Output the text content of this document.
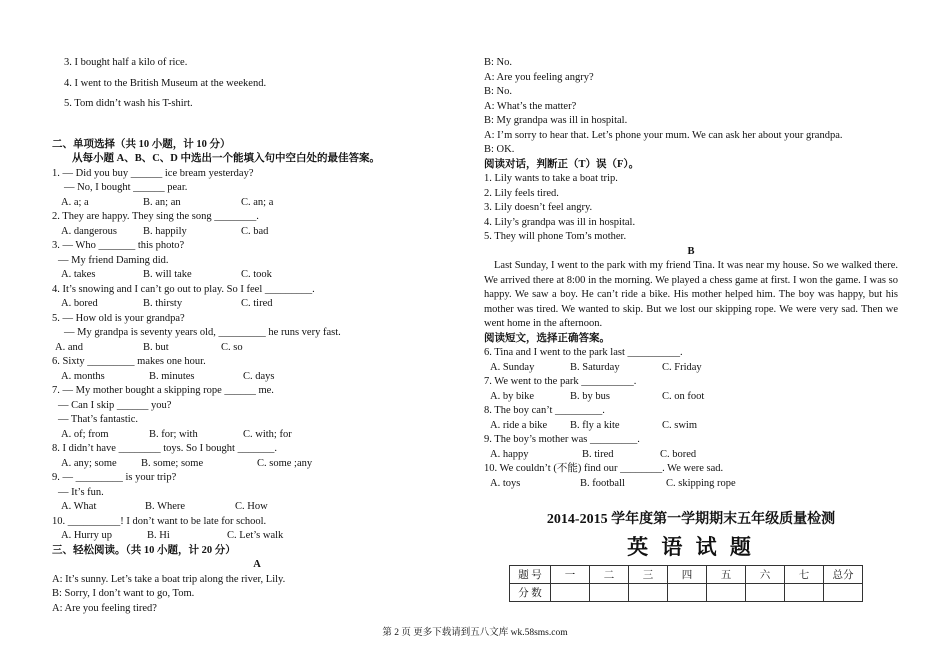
3. I bought half a kilo of rice.
4. I went to the British Museum at the weekend.
5. Tom didn’t wash his T-shirt.
二、单项选择（共 10 小题，计 10 分）
从每小题 A、B、C、D 中选出一个能填入句中空白处的最佳答案。
1. — Did you buy ______ ice bream yesterday?
— No, I bought ______ pear.
A. a; a	B. an; an	C. an; a
2. They are happy. They sing the song ________.
A. dangerous	B. happily	C. bad
3. — Who _______ this photo?
— My friend Daming did.
A. takes	B. will take	C. took
4. It’s snowing and I can’t go out to play. So I feel _________.
A. bored	B. thirsty	C. tired
5. — How old is your grandpa?
— My grandpa is seventy years old, _________ he runs very fast.
A. and	B. but	C. so
6. Sixty _________ makes one hour.
A. months	B. minutes	C. days
7. — My mother bought a skipping rope ______ me.
— Can I skip ______ you?
— That’s fantastic.
A. of; from	B. for; with	C. with; for
8. I didn’t have ________ toys. So I bought _______.
A. any; some	B. some; some	C. some ;any
9. — _________ is your trip?
— It’s fun.
A. What	B. Where	C. How
10. __________! I don’t want to be late for school.
A. Hurry up	B. Hi	C. Let’s walk
三、轻松阅读。（共 10 小题，计 20 分）
A
A: It’s sunny. Let’s take a boat trip along the river, Lily.
B: Sorry, I don’t want to go, Tom.
A: Are you feeling tired?
B: No.
A: Are you feeling angry?
B: No.
A: What’s the matter?
B: My grandpa was ill in hospital.
A: I’m sorry to hear that. Let’s phone your mum. We can ask her about your grandpa.
B: OK.
阅读对话，判断正（T）误（F）。
1. Lily wants to take a boat trip.
2. Lily feels tired.
3. Lily doesn’t feel angry.
4. Lily’s grandpa was ill in hospital.
5. They will phone Tom’s mother.
B
Last Sunday, I went to the park with my friend Tina. It was near my house. So we walked there. We arrived there at 8:00 in the morning. We played a chess game at first. I won the game. I was so happy. We saw a boy. He can’t ride a bike. His mother helped him. The boy was happy, but his mother was tired. We wanted to skip. But we lost our skipping rope. We were very sad. Then we went home in the afternoon.
阅读短文，选择正确答案。
6. Tina and I went to the park last __________.
A. Sunday	B. Saturday	C. Friday
7. We went to the park __________.
A. by bike	B. by bus	C. on foot
8. The boy can’t _________.
A. ride a bike	B. fly a kite	C. swim
9. The boy’s mother was _________.
A. happy	B. tired	C. bored
10. We couldn’t (不能) find our ________. We were sad.
A. toys	B. football	C. skipping rope
2014-2015 学年度第一学期期末五年级质量检测
英 语 试 题
题 号	一	二	三	四	五	六	七	总分
分 数								
第 2 页 更多下载请到五八文库 wk.58sms.com
